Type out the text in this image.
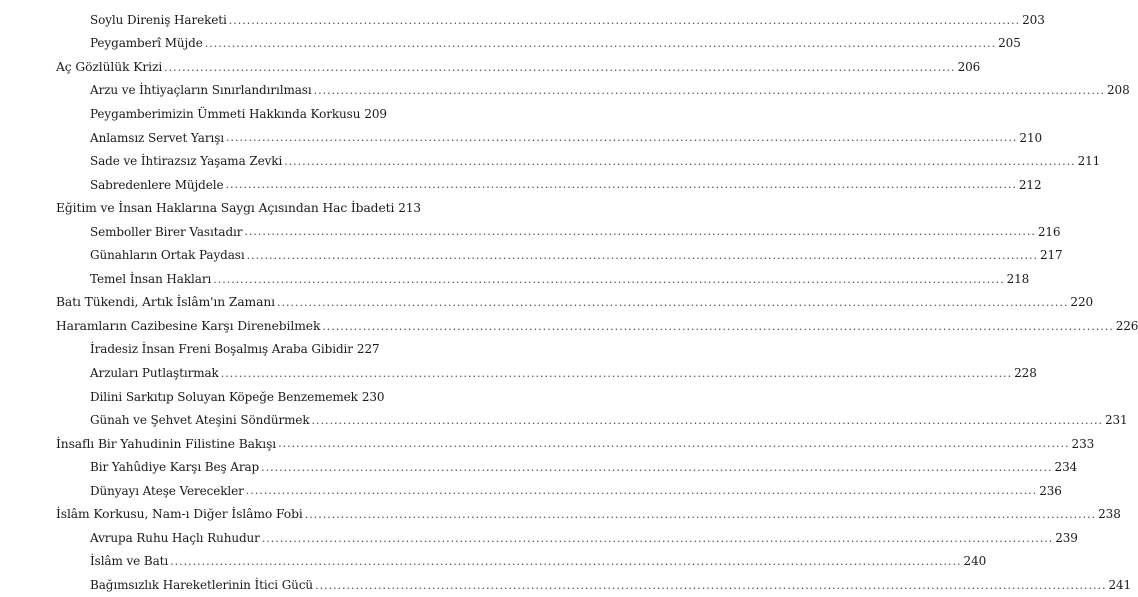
Soylu Direniş Hareketi .....	203
Peygamberî Müjde .....	205
Aç Gözlülük Krizi .....	206
Arzu ve İhtiyaçların Sınırlandırılması .....	208
Peygamberimizin Ümmeti Hakkında Korkusu 209
Anlamsız Servet Yarışı .....	210
Sade ve İhtirazsız Yaşama Zevki .....	211
Sabredenlere Müjdele .....	212
Eğitim ve İnsan Haklarına Saygı Açısından Hac İbadeti 213
Semboller Birer Vasıtadır .....	216
Günahların Ortak Paydası .....	217
Temel İnsan Hakları .....	218
Batı Tükendi, Artık İslâm'ın Zamanı .....	220
Haramların Cazibesine Karşı Direnebilmek .....	226
İradesiz İnsan Freni Boşalmış Araba Gibidir 227
Arzuları Putlaştırmak .....	228
Dilini Sarkıtıp Soluyan Köpeğe Benzememek 230
Günah ve Şehvet Ateşini Söndürmek .....	231
İnsaflı Bir Yahudinin Filistine Bakışı .....	233
Bir Yahûdiye Karşı Beş Arap .....	234
Dünyayı Ateşe Verecekler .....	236
İslâm Korkusu, Nam-ı Diğer İslâmo Fobi .....	238
Avrupa Ruhu Haçlı Ruhudur .....	239
İslâm ve Batı .....	240
Bağımsızlık Hareketlerinin İtici Gücü .....	241
